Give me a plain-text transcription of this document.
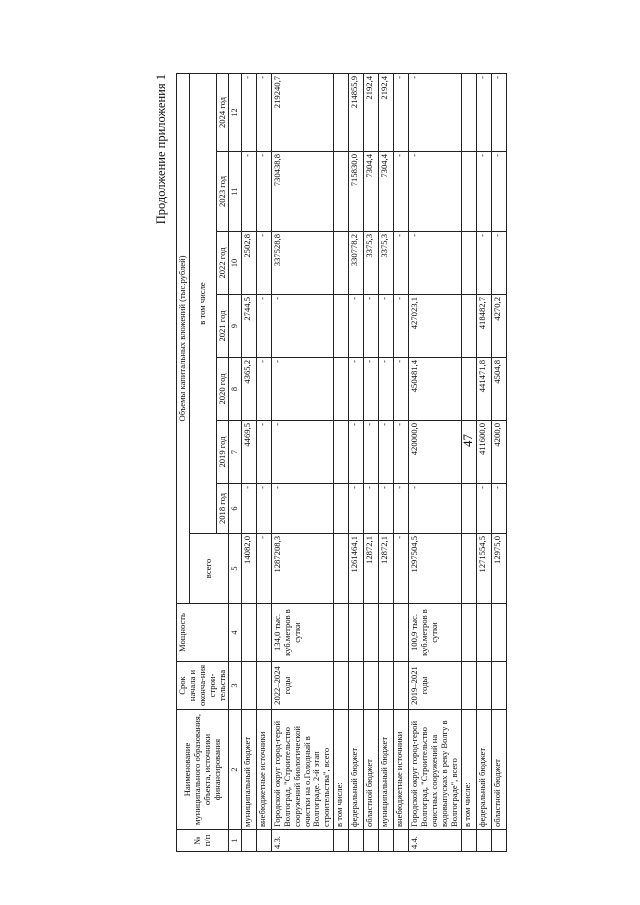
47
Продолжение приложения 1
№ п/п	Наименование муниципального образования, объекта, источники финансирования	Срок начала и оконча-ния строи-тельства	Мощность	Объемы капитальных вложений (тыс.рублей)							
				всего	в том числе						
					2018 год	2019 год	2020 год	2021 год	2022 год	2023 год	2024 год
1	2	3	4	5	6	7	8	9	10	11	12
	муниципальный бюджет			14082,0	-	4469,5	4365,2	2744,5	2502,8	-	-
	внебюджетные источники			-	-	-	-	-	-	-	-
4.3.	Городской округ город-герой Волгоград, "Строительство сооружений биологической очистки на о.Голодный в Волгограде. 2-й этап строительства", всего	2022–2024 годы	134,0 тыс. куб.метров в сутки	1287208,3	-	-	-	-	337528,8	730438,8	219240,7
	в том числе:										
	федеральный бюджет			1261464,1	-	-	-	-	330778,2	715830,0	214855,9
	областной бюджет			12872,1	-	-	-	-	3375,3	7304,4	2192,4
	муниципальный бюджет			12872,1	-	-	-	-	3375,3	7304,4	2192,4
	внебюджетные источники			-	-	-	-	-	-	-	-
4.4.	Городской округ город-герой Волгоград, "Строительство очистных сооружений на водовыпусках в реку Волгу в Волгограде", всего	2019–2021 годы	100,9 тыс. куб.метров в сутки	1297504,5	-	420000,0	450481,4	427023,1	-	-	-
	в том числе:										
	федеральный бюджет			1271554,5	-	411600,0	441471,8	418482,7	-	-	-
	областной бюджет			12975,0	-	4200,0	4504,8	4270,2	-	-	-
